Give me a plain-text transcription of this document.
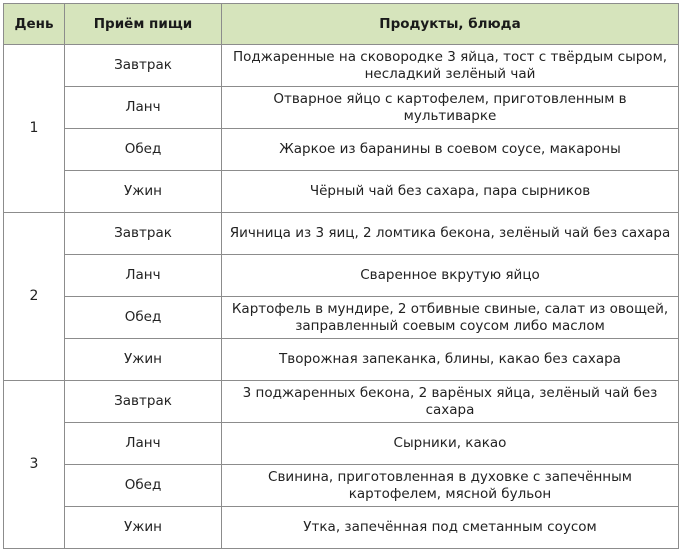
День	Приём пищи	Продукты, блюда
1	Завтрак	Поджаренные на сковородке 3 яйца, тост с твёрдым сыром, несладкий зелёный чай
	Ланч	Отварное яйцо с картофелем, приготовленным в мультиварке
	Обед	Жаркое из баранины в соевом соусе, макароны
	Ужин	Чёрный чай без сахара, пара сырников
2	Завтрак	Яичница из 3 яиц, 2 ломтика бекона, зелёный чай без сахара
	Ланч	Сваренное вкрутую яйцо
	Обед	Картофель в мундире, 2 отбивные свиные, салат из овощей, заправленный соевым соусом либо маслом
	Ужин	Творожная запеканка, блины, какао без сахара
3	Завтрак	3 поджаренных бекона, 2 варёных яйца, зелёный чай без сахара
	Ланч	Сырники, какао
	Обед	Свинина, приготовленная в духовке с запечённым картофелем, мясной бульон
	Ужин	Утка, запечённая под сметанным соусом
